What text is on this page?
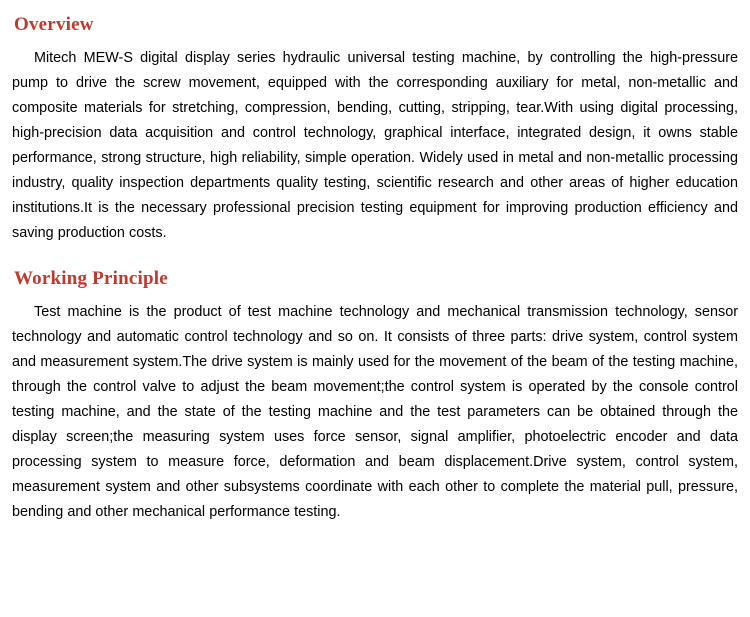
Overview

Mitech MEW-S digital display series hydraulic universal testing machine, by controlling the high-pressure pump to drive the screw movement, equipped with the corresponding auxiliary for metal, non-metallic and composite materials for stretching, compression, bending, cutting, stripping, tear.With using digital processing, high-precision data acquisition and control technology, graphical interface, integrated design, it owns stable performance, strong structure, high reliability, simple operation. Widely used in metal and non-metallic processing industry, quality inspection departments quality testing, scientific research and other areas of higher education institutions.It is the necessary professional precision testing equipment for improving production efficiency and saving production costs.

Working Principle

Test machine is the product of test machine technology and mechanical transmission technology, sensor technology and automatic control technology and so on. It consists of three parts: drive system, control system and measurement system.The drive system is mainly used for the movement of the beam of the testing machine, through the control valve to adjust the beam movement;the control system is operated by the console control testing machine, and the state of the testing machine and the test parameters can be obtained through the display screen;the measuring system uses force sensor, signal amplifier, photoelectric encoder and data processing system to measure force, deformation and beam displacement.Drive system, control system, measurement system and other subsystems coordinate with each other to complete the material pull, pressure, bending and other mechanical performance testing.
